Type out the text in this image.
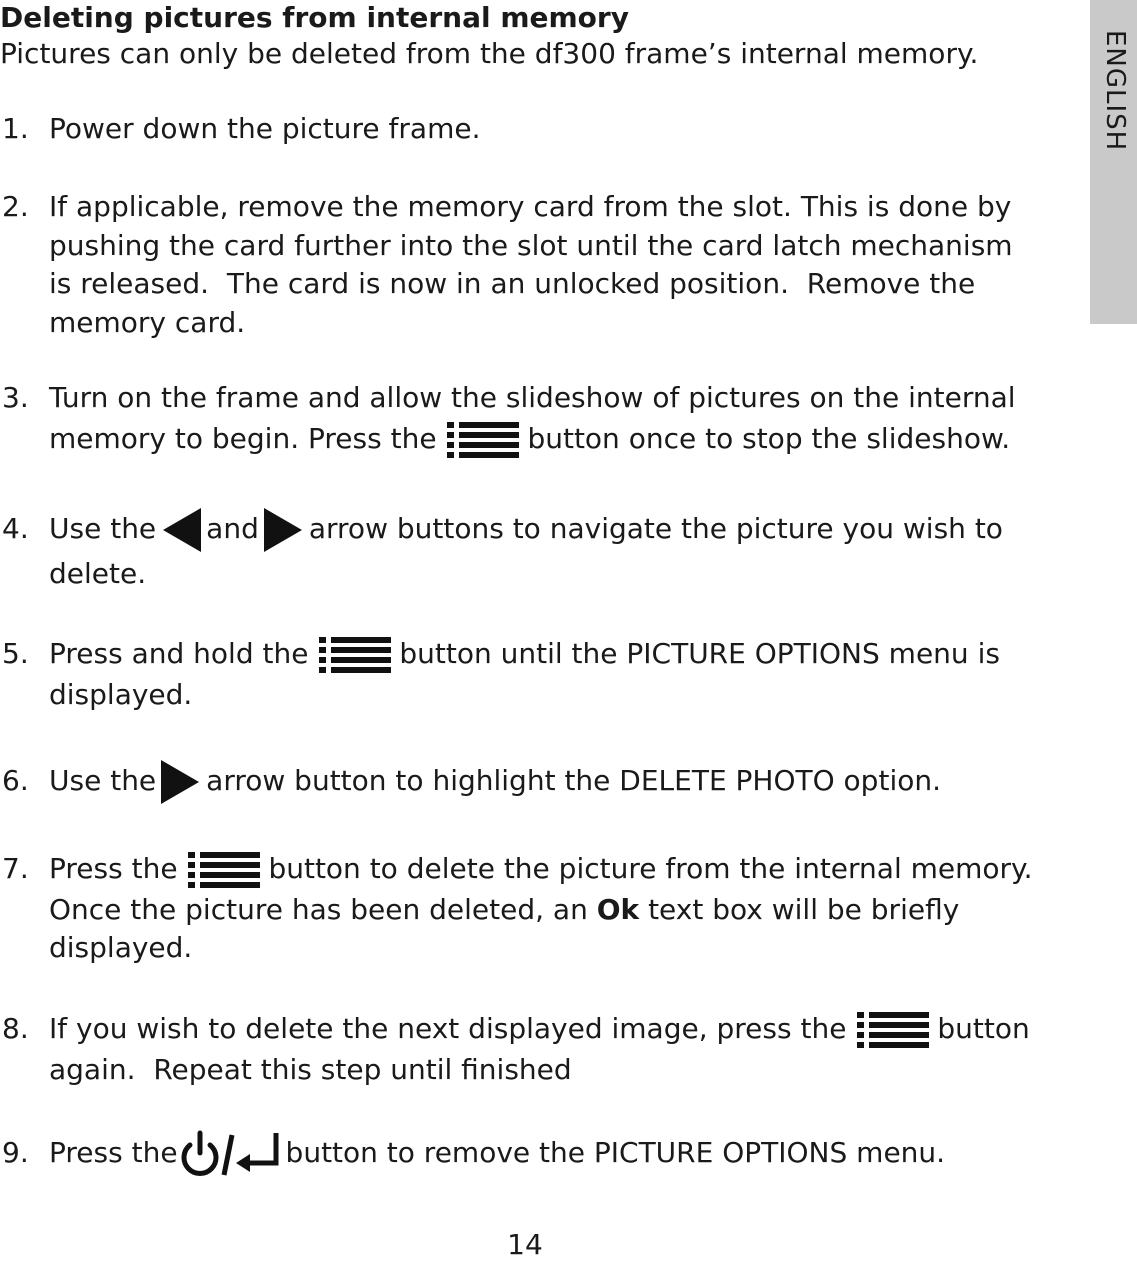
Deleting pictures from internal memory
Pictures can only be deleted from the df300 frame’s internal memory.
1. Power down the picture frame.
2. If applicable, remove the memory card from the slot. This is done by
pushing the card further into the slot until the card latch mechanism
is released.  The card is now in an unlocked position.  Remove the
memory card.
3. Turn on the frame and allow the slideshow of pictures on the internal
memory to begin. Press the	button once to stop the slideshow.
4. Use the and arrow buttons to navigate the picture you wish to
delete.
5. Press and hold the	button until the PICTURE OPTIONS menu is
displayed.
6. Use the arrow button to highlight the DELETE PHOTO option.
7. Press the	button to delete the picture from the internal memory.
Once the picture has been deleted, an Ok text box will be briefly
displayed.
8. If you wish to delete the next displayed image, press the	button
again.  Repeat this step until finished
9. Press the	button to remove the PICTURE OPTIONS menu.
ENGLISH
14
